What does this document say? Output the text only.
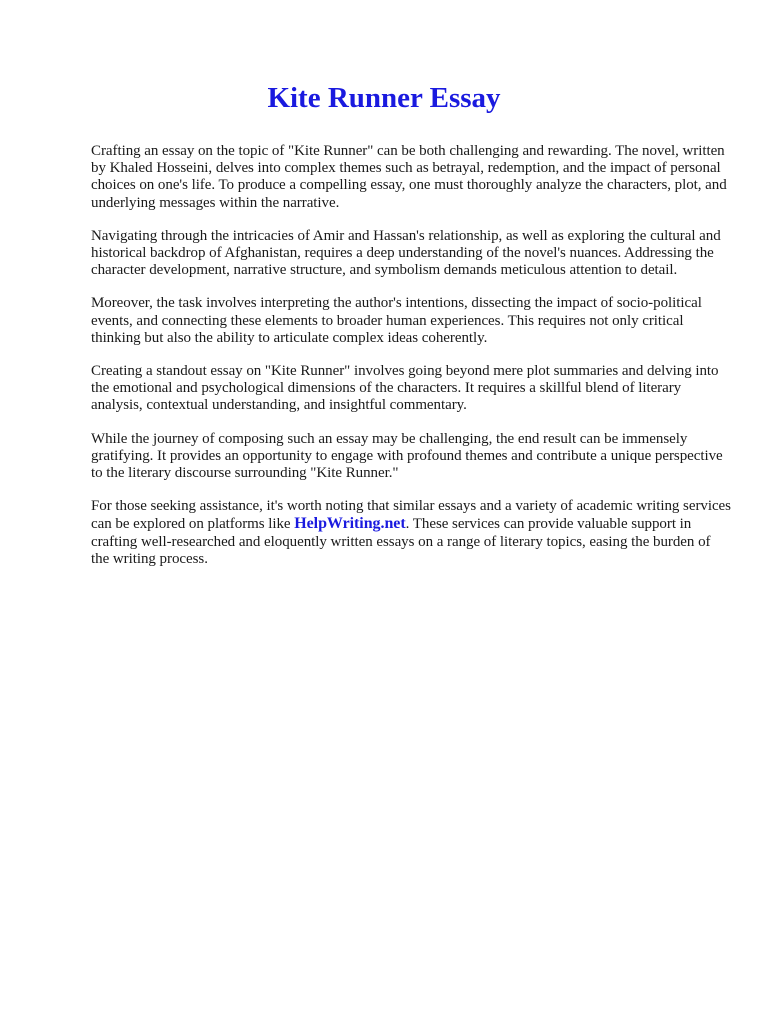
Kite Runner Essay

Crafting an essay on the topic of "Kite Runner" can be both challenging and rewarding. The novel, written by Khaled Hosseini, delves into complex themes such as betrayal, redemption, and the impact of personal choices on one's life. To produce a compelling essay, one must thoroughly analyze the characters, plot, and underlying messages within the narrative.

Navigating through the intricacies of Amir and Hassan's relationship, as well as exploring the cultural and historical backdrop of Afghanistan, requires a deep understanding of the novel's nuances. Addressing the character development, narrative structure, and symbolism demands meticulous attention to detail.

Moreover, the task involves interpreting the author's intentions, dissecting the impact of socio-political events, and connecting these elements to broader human experiences. This requires not only critical thinking but also the ability to articulate complex ideas coherently.

Creating a standout essay on "Kite Runner" involves going beyond mere plot summaries and delving into the emotional and psychological dimensions of the characters. It requires a skillful blend of literary analysis, contextual understanding, and insightful commentary.

While the journey of composing such an essay may be challenging, the end result can be immensely gratifying. It provides an opportunity to engage with profound themes and contribute a unique perspective to the literary discourse surrounding "Kite Runner."

For those seeking assistance, it's worth noting that similar essays and a variety of academic writing services can be explored on platforms like HelpWriting.net. These services can provide valuable support in crafting well-researched and eloquently written essays on a range of literary topics, easing the burden of the writing process.
